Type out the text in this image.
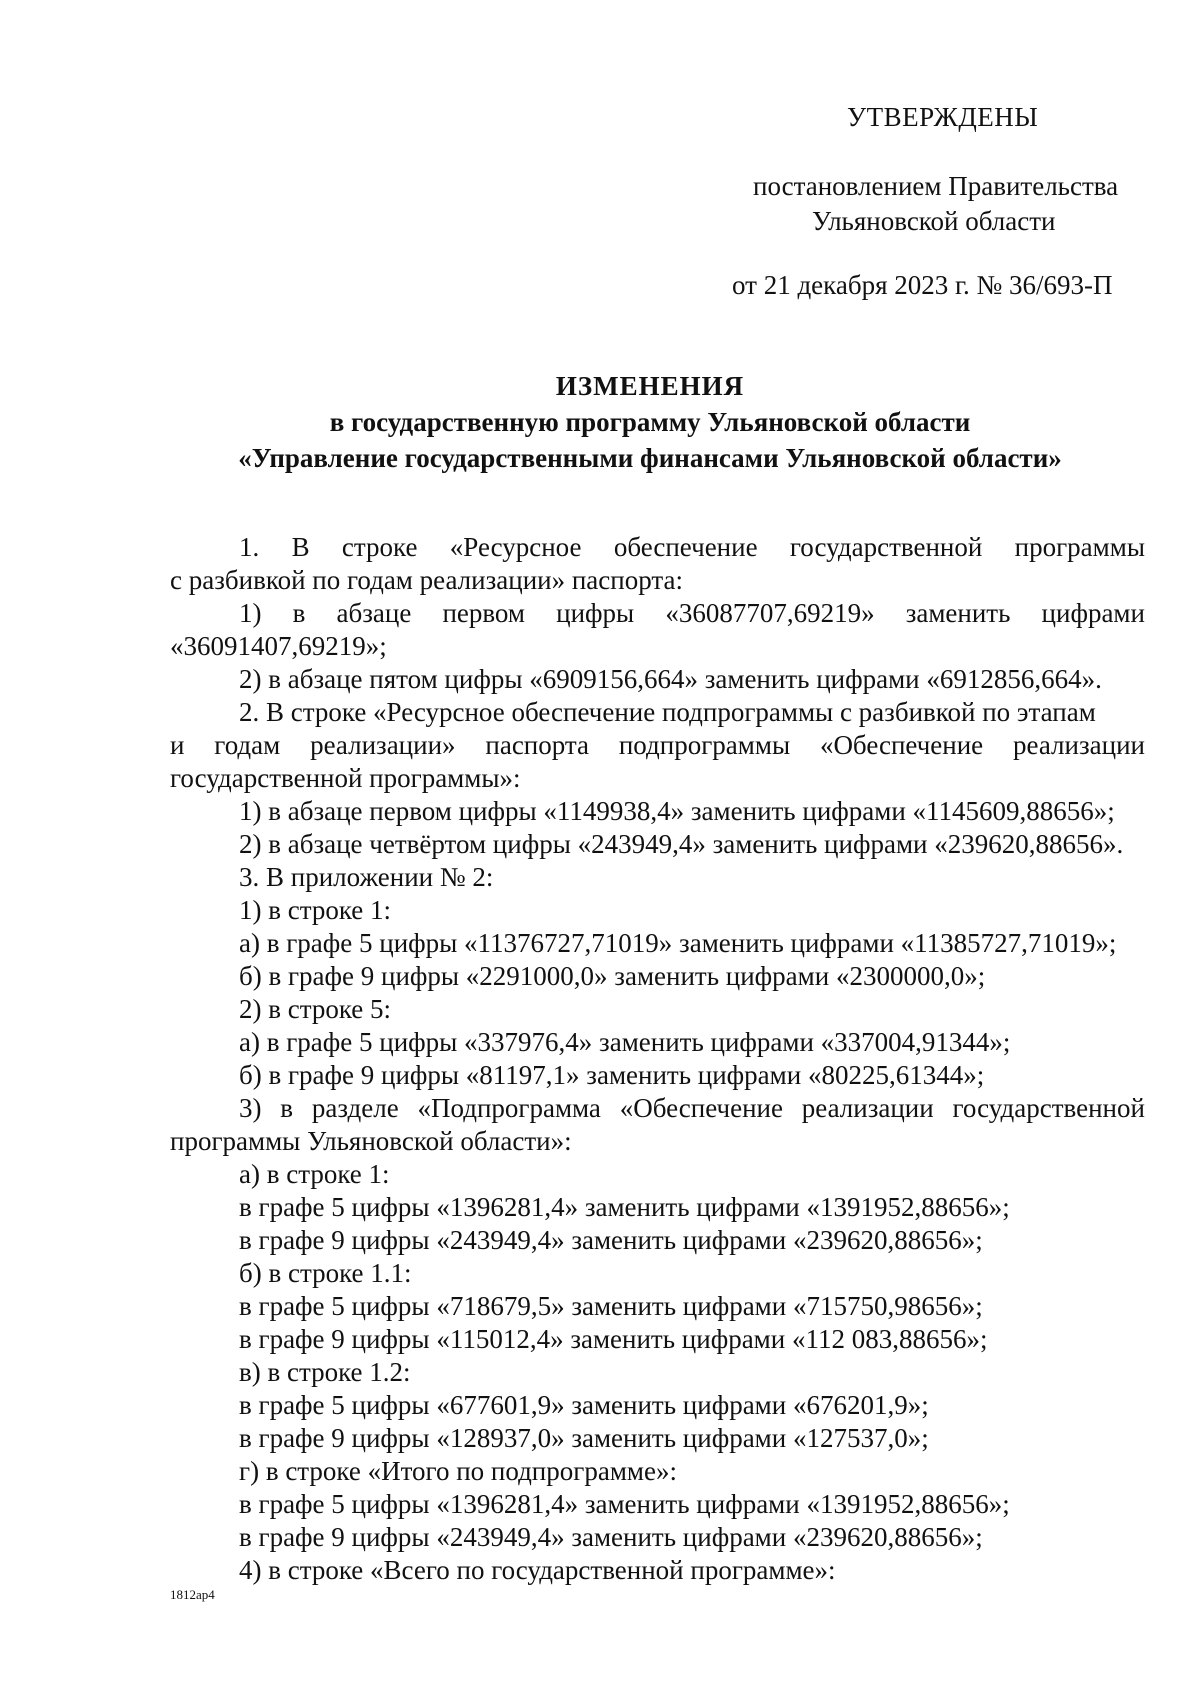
УТВЕРЖДЕНЫ
постановлением Правительства
Ульяновской области
от 21 декабря 2023 г. № 36/693-П
ИЗМЕНЕНИЯ
в государственную программу Ульяновской области
«Управление государственными финансами Ульяновской области»
1. В строке «Ресурсное обеспечение государственной программы
с разбивкой по годам реализации» паспорта:
1) в абзаце первом цифры «36087707,69219» заменить цифрами
«36091407,69219»;
2) в абзаце пятом цифры «6909156,664» заменить цифрами «6912856,664».
2. В строке «Ресурсное обеспечение подпрограммы с разбивкой по этапам
и годам реализации» паспорта подпрограммы «Обеспечение реализации
государственной программы»:
1) в абзаце первом цифры «1149938,4» заменить цифрами «1145609,88656»;
2) в абзаце четвёртом цифры «243949,4» заменить цифрами «239620,88656».
3. В приложении № 2:
1) в строке 1:
а) в графе 5 цифры «11376727,71019» заменить цифрами «11385727,71019»;
б) в графе 9 цифры «2291000,0» заменить цифрами «2300000,0»;
2) в строке 5:
а) в графе 5 цифры «337976,4» заменить цифрами «337004,91344»;
б) в графе 9 цифры «81197,1» заменить цифрами «80225,61344»;
3) в разделе «Подпрограмма «Обеспечение реализации государственной
программы Ульяновской области»:
а) в строке 1:
в графе 5 цифры «1396281,4» заменить цифрами «1391952,88656»;
в графе 9 цифры «243949,4» заменить цифрами «239620,88656»;
б) в строке 1.1:
в графе 5 цифры «718679,5» заменить цифрами «715750,98656»;
в графе 9 цифры «115012,4» заменить цифрами «112 083,88656»;
в) в строке 1.2:
в графе 5 цифры «677601,9» заменить цифрами «676201,9»;
в графе 9 цифры «128937,0» заменить цифрами «127537,0»;
г) в строке «Итого по подпрограмме»:
в графе 5 цифры «1396281,4» заменить цифрами «1391952,88656»;
в графе 9 цифры «243949,4» заменить цифрами «239620,88656»;
4) в строке «Всего по государственной программе»:
1812ap4
